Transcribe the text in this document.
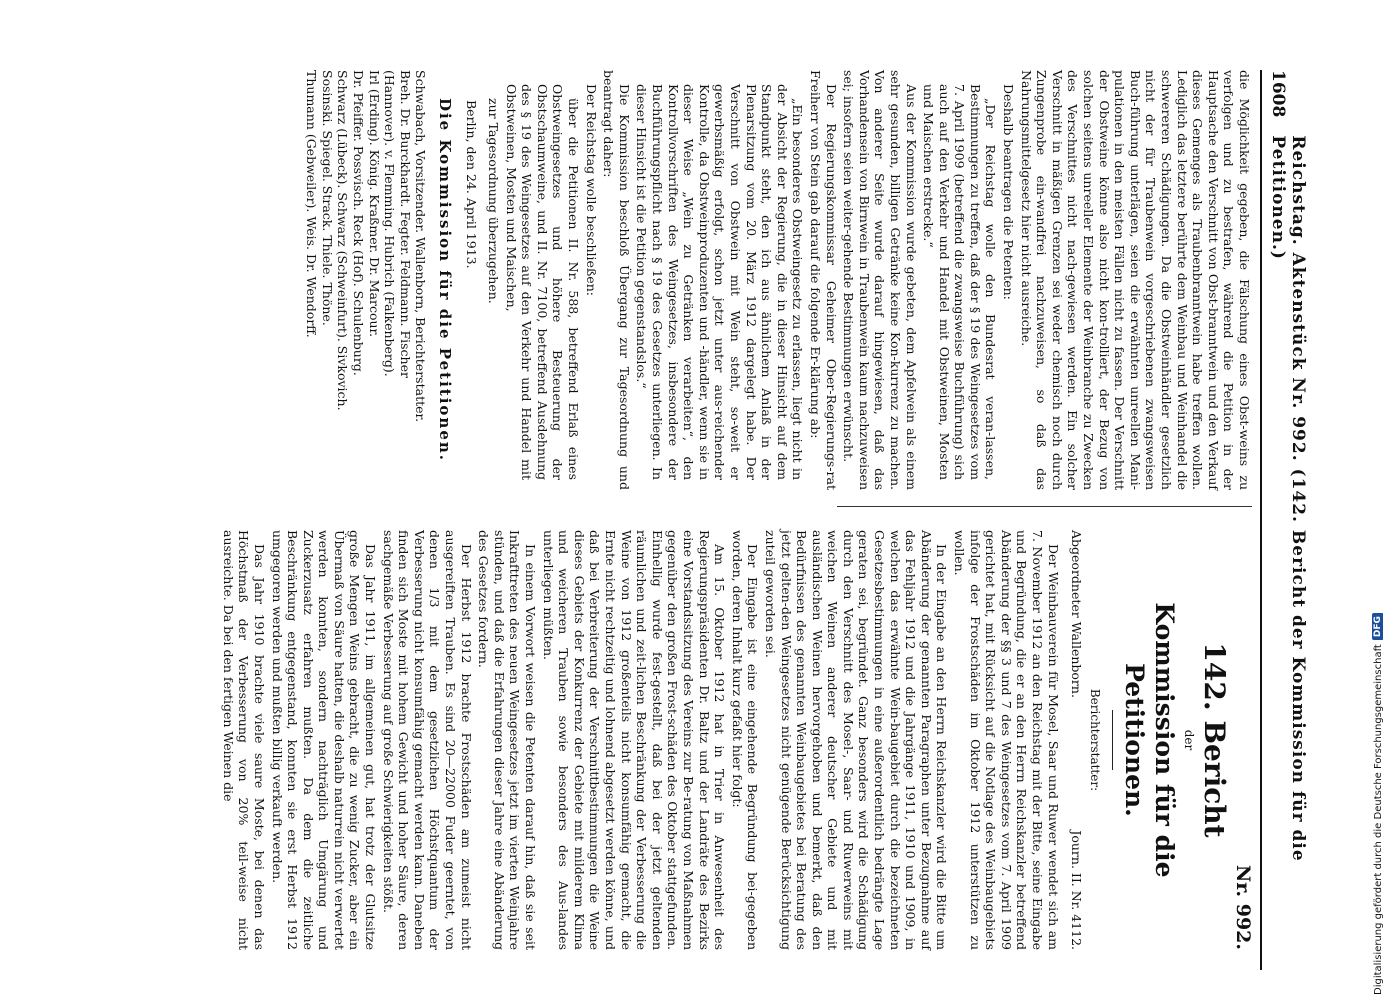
1608
Reichstag. Aktenstück Nr. 992. (142. Bericht der Kommission für die Petitionen.)

die Möglichkeit gegeben, die Fälschung eines Obst-weins zu verfolgen und zu bestrafen, während die Petition in der Hauptsache den Verschnitt von Obst-branntwein und den Verkauf dieses Gemenges als Traubenbranntwein habe treffen wollen. Lediglich das letztere berührte dem Weinbau und Weinhandel die schwereren Schädigungen. Da die Obstweinhändler gesetzlich nicht der für Traubenwein vorgeschriebenen zwangsweisen Buch-führung unterlägen, seien die erwähnten unreellen Mani-pulationen in den meisten Fällen nicht zu fassen. Der Verschnitt der Obstweine könne also nicht kon-trolliert, der Bezug von solchen seitens unreeller Elemente der Weinbranche zu Zwecken des Verschnittes nicht nach-gewiesen werden. Ein solcher Verschnitt in mäßigen Grenzen sei weder chemisch noch durch Zungenprobe ein-wandfrei nachzuweisen, so daß das Nahrungsmittelgesetz hier nicht ausreiche.

Deshalb beantragen die Petenten:

„Der Reichstag wolle den Bundesrat veran-lassen, Bestimmungen zu treffen, daß der § 19 des Weingesetzes vom 7. April 1909 (betreffend die zwangsweise Buchführung) sich auch auf den Verkehr und Handel mit Obstweinen, Mosten und Maischen erstrecke.“

Aus der Kommission wurde gebeten, dem Apfelwein als einem sehr gesunden, billigen Getränke keine Kon-kurrenz zu machen. Von anderer Seite wurde darauf hingewiesen, daß das Vorhandensein von Birnwein in Traubenwein kaum nachzuweisen sei; insofern seien weiter-gehende Bestimmungen erwünscht.

Der Regierungskommissar Geheimer Ober-Regierungs-rat Freiherr von Stein gab darauf die folgende Er-klärung ab:

„Ein besonderes Obstweingesetz zu erlassen, liegt nicht in der Absicht der Regierung, die in dieser Hinsicht auf dem Standpunkt steht, den ich aus ähnlichem Anlaß in der Plenarsitzung vom 20. März 1912 dargelegt habe. Der Verschnitt von Obstwein mit Wein steht, so-weit er gewerbsmäßig erfolgt, schon jetzt unter aus-reichender Kontrolle, da Obstweinproduzenten und -händler, wenn sie in dieser Weise „Wein zu Getränken verarbeiten“, den Kontrollvorschriften des Weingesetzes, insbesondere der Buchführungspflicht nach § 19 des Gesetzes unterliegen. In dieser Hinsicht ist die Petition gegenstandslos.“

Die Kommission beschloß Übergang zur Tagesordnung und beantragt daher:

Der Reichstag wolle beschließen:

über die Petitionen II. Nr. 588, betreffend Erlaß eines Obstweingesetzes und höhere Besteuerung der Obstschaumweine, und II. Nr. 7100, betreffend Ausdehnung des § 19 des Weingesetzes auf den Verkehr und Handel mit Obstweinen, Mosten und Maischen,

zur Tagesordnung überzugehen.

Berlin, den 24. April 1913.

Die Kommission für die Petitionen.

Schwabach, Vorsitzender. Wallenborn, Berichterstatter.
Breh. Dr. Burckhardt. Fegter. Feldmann. Fischer
(Hannover). v. Flemming. Hubrich (Falkenberg).
Irl (Erding). König. Kraßmer. Dr. Marcour.
Dr. Pfeiffer. Possvisch. Reck (Hof). Schulenburg.
Schwarz (Lübeck). Schwarz (Schweinfurt). Sivkovich.
Sosinski. Spiegel. Strack. Thiele. Thöne.
Thumann (Gebweiler). Weis. Dr. Wendorff.
Nr. 992.
142. Bericht
der
Kommission für die Petitionen.
Berichterstatter:
Abgeordneter Wallenborn.
Journ. II. Nr. 4112.

Der Weinbauverein für Mosel, Saar und Ruwer wendet sich am 7. November 1912 an den Reichstag mit der Bitte, seine Eingabe und Begründung, die er an den Herrn Reichskanzler betreffend Abänderung der §§ 3 und 7 des Weingesetzes vom 7. April 1909 gerichtet hat, mit Rücksicht auf die Notlage des Weinbaugebiets infolge der Frostschäden im Oktober 1912 unterstützen zu wollen.

In der Eingabe an den Herrn Reichskanzler wird die Bitte um Abänderung der genannten Paragraphen unter Bezugnahme auf das Fehljahr 1912 und die Jahrgänge 1911, 1910 und 1909, in welchen das erwähnte Wein-baugebiet durch die bezeichneten Gesetzesbestimmungen in eine außerordentlich bedrängte Lage geraten sei, begründet. Ganz besonders wird die Schädigung durch den Verschnitt des Mosel-, Saar- und Ruwerweins mit weichen Weinen anderer deutscher Gebiete und mit ausländischen Weinen hervorgehoben und bemerkt, daß den Bedürfnissen des genannten Weinbaugebietes bei Beratung des jetzt gelten-den Weingesetzes nicht genügende Berücksichtigung zuteil geworden sei.

Der Eingabe ist eine eingehende Begründung bei-gegeben worden, deren Inhalt kurz gefaßt hier folgt:

Am 15. Oktober 1912 hat in Trier in Anwesenheit des Regierungspräsidenten Dr. Baltz und der Landräte des Bezirks eine Vorstandssitzung des Vereins zur Be-ratung von Maßnahmen gegenüber den großen Frost-schäden des Oktober stattgefunden. Einhellig wurde fest-gestellt, daß bei der jetzt geltenden räumlichen und zeit-lichen Beschränkung der Verbesserung die Weine von 1912 großenteils nicht konsumfähig gemacht, die Ernte nicht rechtzeitig und lohnend abgesetzt werden könne, und daß bei Verbreiterung der Verschnittbestimmungen die Weine dieses Gebiets der Konkurrenz der Gebiete mit milderem Klima und weicheren Trauben sowie besonders des Aus-landes unterliegen müßten.

In einem Vorwort weisen die Petenten darauf hin, daß sie seit Inkrafttreten des neuen Weingesetzes jetzt im vierten Weinjahre stünden, und daß die Erfahrungen dieser Jahre eine Abänderung des Gesetzes fordern.

Der Herbst 1912 brachte Frostschäden am zumeist nicht ausgereiften Trauben. Es sind 20—22000 Fuder geerntet, von denen 1/3 mit dem gesetzlichen Höchstquantum der Verbesserung nicht konsumfähig gemacht werden kann. Daneben finden sich Moste mit hohem Gewicht und hoher Säure, deren sachgemäße Verbesserung auf große Schwierigkeiten stößt.

Das Jahr 1911, im allgemeinen gut, hat trotz der Glutsitze große Mengen Weins gebracht, die zu wenig Zucker, aber ein Übermaß von Säure hatten, die deshalb naturrein nicht verwertet werden konnten, sondern nachträglich Umgärung und Zuckerzusatz erfahren mußten. Da dem die zeitliche Beschränkung entgegenstand, konnten sie erst Herbst 1912 umgegoren werden und mußten billig verkauft werden.

Das Jahr 1910 brachte viele saure Moste, bei denen das Höchstmaß der Verbesserung von 20% teil-weise nicht ausreichte. Da bei den fertigen Weinen die	Digitalisierung gefördert durch die Deutsche Forschungsgemeinschaft
DFG
